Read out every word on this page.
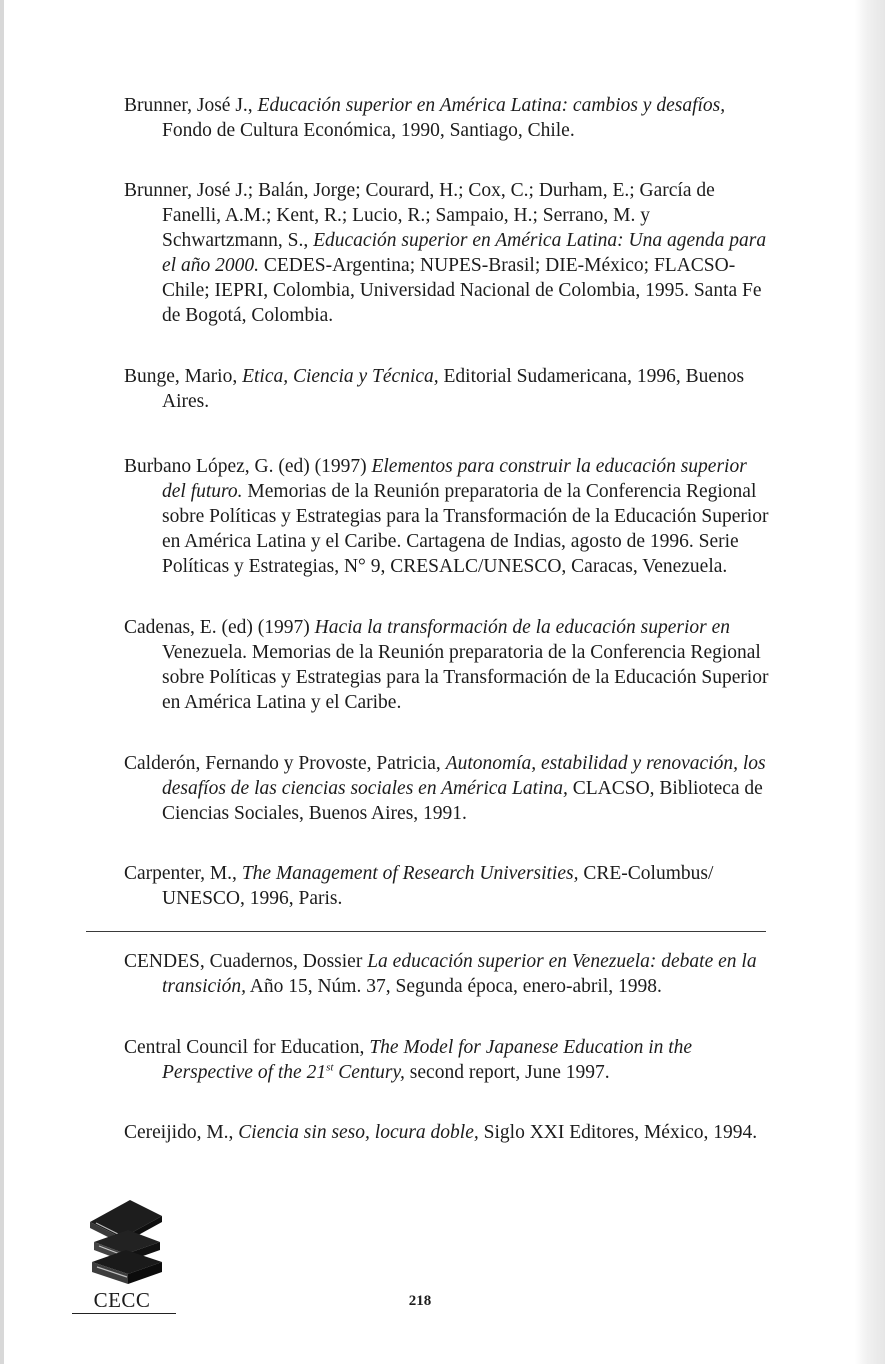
Brunner, José J., Educación superior en América Latina: cambios y desafíos, Fondo de Cultura Económica, 1990, Santiago, Chile.
Brunner, José J.; Balán, Jorge; Courard, H.; Cox, C.; Durham, E.; García de Fanelli, A.M.; Kent, R.; Lucio, R.; Sampaio, H.; Serrano, M. y Schwartzmann, S., Educación superior en América Latina: Una agenda para el año 2000. CEDES-Argentina; NUPES-Brasil; DIE-México; FLACSO-Chile; IEPRI, Colombia, Universidad Nacional de Colombia, 1995. Santa Fe de Bogotá, Colombia.
Bunge, Mario, Etica, Ciencia y Técnica, Editorial Sudamericana, 1996, Buenos Aires.
Burbano López, G. (ed) (1997) Elementos para construir la educación superior del futuro. Memorias de la Reunión preparatoria de la Conferencia Regional sobre Políticas y Estrategias para la Transformación de la Educación Superior en América Latina y el Caribe. Cartagena de Indias, agosto de 1996. Serie Políticas y Estrategias, N° 9, CRESALC/UNESCO, Caracas, Venezuela.
Cadenas, E. (ed) (1997) Hacia la transformación de la educación superior en Venezuela. Memorias de la Reunión preparatoria de la Conferencia Regional sobre Políticas y Estrategias para la Transformación de la Educación Superior en América Latina y el Caribe.
Calderón, Fernando y Provoste, Patricia, Autonomía, estabilidad y renovación, los desafíos de las ciencias sociales en América Latina, CLACSO, Biblioteca de Ciencias Sociales, Buenos Aires, 1991.
Carpenter, M., The Management of Research Universities, CRE-Columbus/ UNESCO, 1996, Paris.
CENDES, Cuadernos, Dossier La educación superior en Venezuela: debate en la transición, Año 15, Núm. 37, Segunda época, enero-abril, 1998.
Central Council for Education, The Model for Japanese Education in the Perspective of the 21st Century, second report, June 1997.
Cereijido, M., Ciencia sin seso, locura doble, Siglo XXI Editores, México, 1994.
CECC	218
